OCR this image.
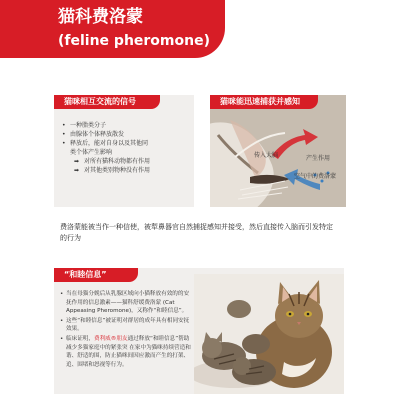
猫科费洛蒙
(feline pheromone)
猫咪相互交流的信号
• 一种脂类分子
• 由腺体个体释放散发
• 释放后，能对自身以及其他同
类个体产生影响
➡ 对所有猫科动物都有作用
➡ 对其他类别物种没有作用
猫咪能迅速捕获并感知
传入大脑	产生作用
空气中的费洛蒙
费洛蒙能被当作一种信使，被犁鼻器官自然捕捉感知并接受，然后直接传入脑而引发特定的行为
“和睦信息”
• 当在母猫分娩后从乳腺区域向小猫释放有效的的安抚作用的信息激素——猫科舒缓费洛蒙 (Cat Appeasing Pheromone)，又称作“和睦信息”。
• 这些“和睦信息”被证明对群居的成年具有相同安抚效果。
• 临床证明，费利威®朋友通过释放“和睦信息”帮助减少多猫家庭中的紧张突 在家中为猫咪持续营造和谐、舒适的围，防止猫咪间因应激而产生的打架、追、围堵和怒视等行为。
